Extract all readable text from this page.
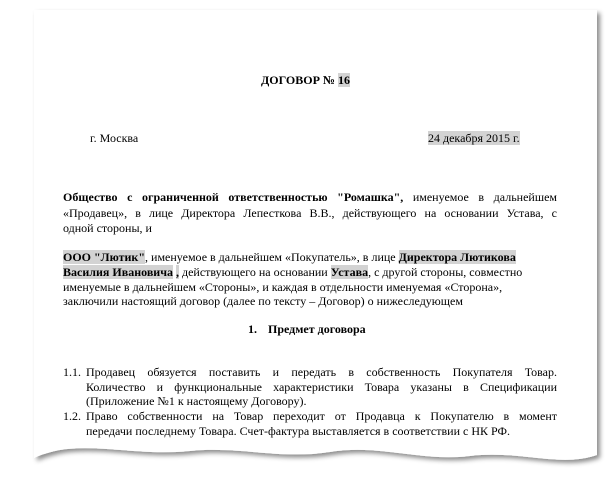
ДОГОВОР № 16
г. Москва	24 декабря 2015 г.
Общество с ограниченной ответственностью "Ромашка", именуемое в дальнейшем
«Продавец», в лице Директора Лепесткова В.В., действующего на основании Устава, с
одной стороны, и
ООО "Лютик", именуемое в дальнейшем «Покупатель», в лице Директора Лютикова
Василия Ивановича , действующего на основании Устава, с другой стороны, совместно
именуемые в дальнейшем «Стороны», и каждая в отдельности именуемая «Сторона»,
заключили настоящий договор (далее по тексту – Договор) о нижеследующем
1. Предмет договора
1.1. Продавец обязуется поставить и передать в собственность Покупателя Товар.
Количество и функциональные характеристики Товара указаны в Спецификации
(Приложение №1 к настоящему Договору).
1.2. Право собственности на Товар переходит от Продавца к Покупателю в момент
передачи последнему Товара. Счет-фактура выставляется в соответствии с НК РФ.
